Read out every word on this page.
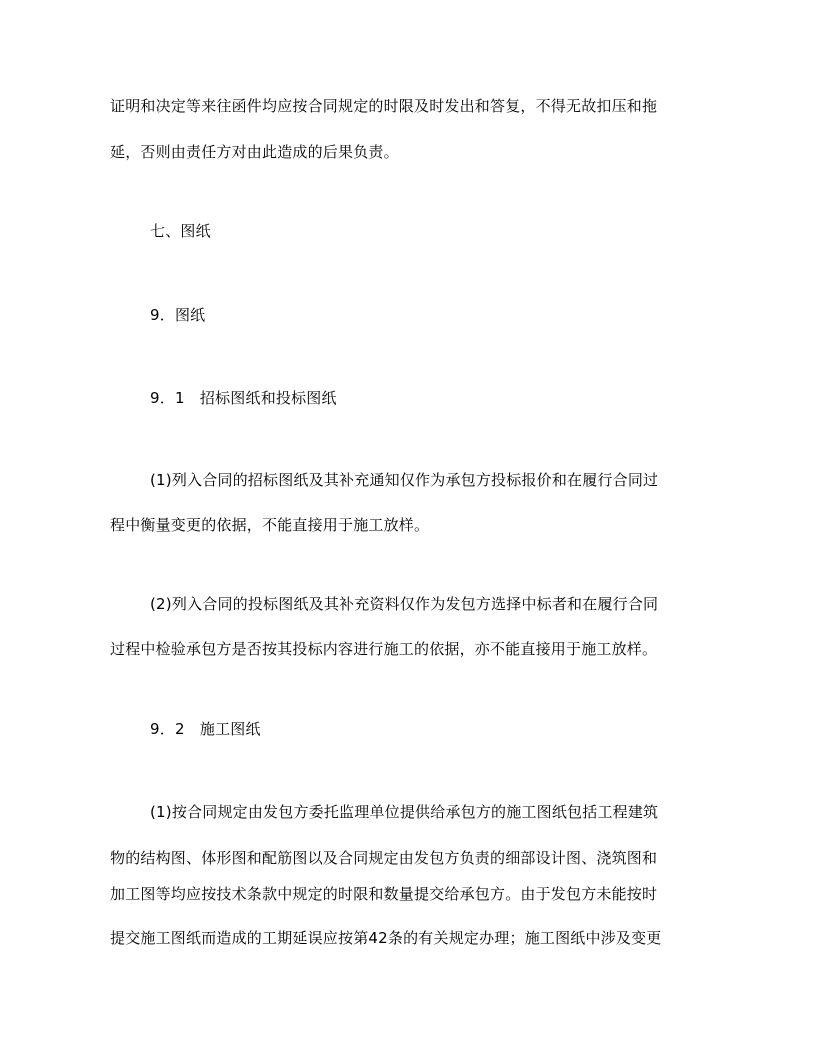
证明和决定等来往函件均应按合同规定的时限及时发出和答复，不得无故扣压和拖
延，否则由责任方对由此造成的后果负责。
七、图纸
9．图纸
9．1　招标图纸和投标图纸
(1)列入合同的招标图纸及其补充通知仅作为承包方投标报价和在履行合同过
程中衡量变更的依据，不能直接用于施工放样。
(2)列入合同的投标图纸及其补充资料仅作为发包方选择中标者和在履行合同
过程中检验承包方是否按其投标内容进行施工的依据，亦不能直接用于施工放样。
9．2　施工图纸
(1)按合同规定由发包方委托监理单位提供给承包方的施工图纸包括工程建筑
物的结构图、体形图和配筋图以及合同规定由发包方负责的细部设计图、浇筑图和
加工图等均应按技术条款中规定的时限和数量提交给承包方。由于发包方未能按时
提交施工图纸而造成的工期延误应按第42条的有关规定办理；施工图纸中涉及变更
